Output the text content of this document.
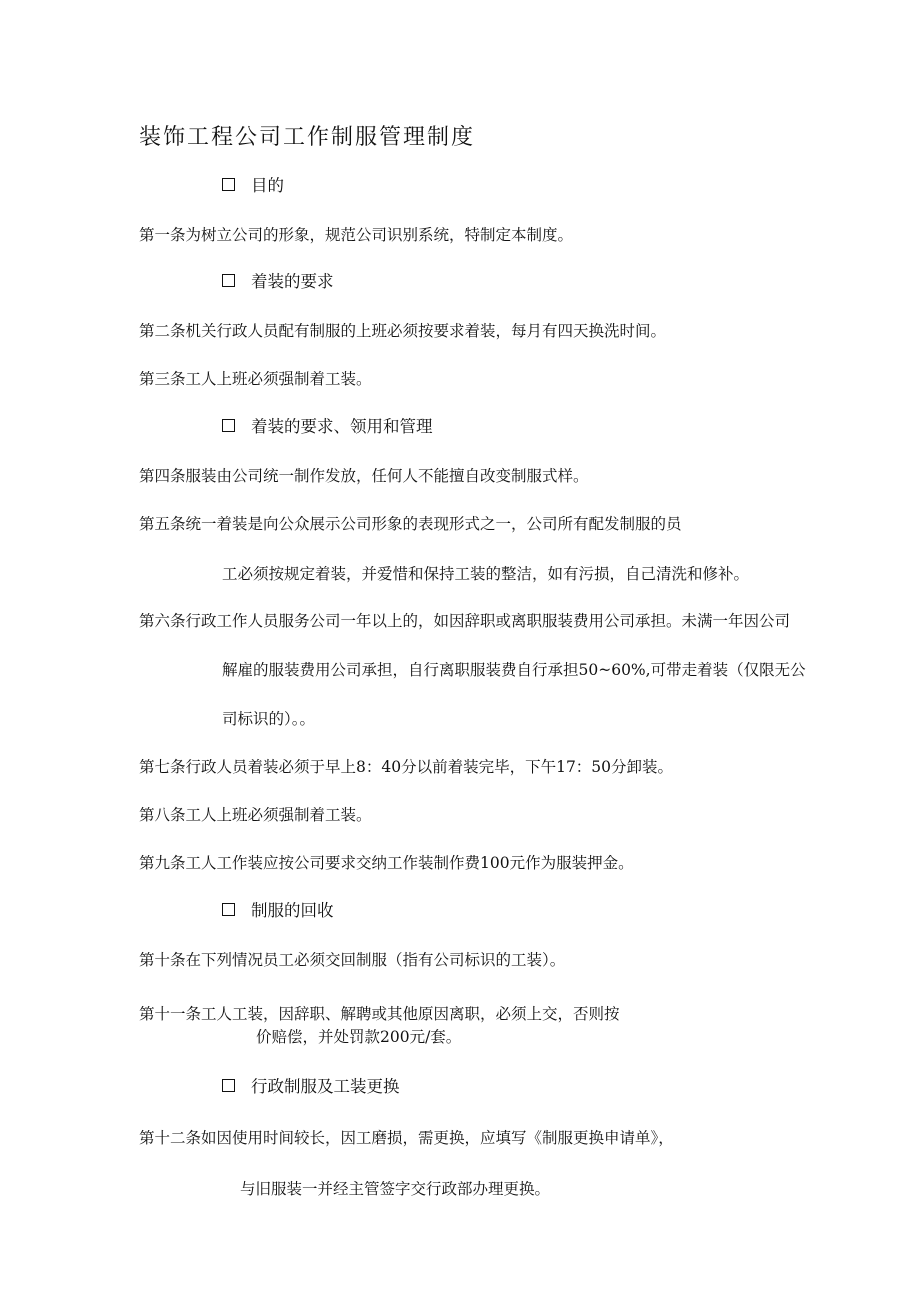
装饰工程公司工作制服管理制度
目的
第一条为树立公司的形象，规范公司识别系统，特制定本制度。
着装的要求
第二条机关行政人员配有制服的上班必须按要求着装，每月有四天换洗时间。
第三条工人上班必须强制着工装。
着装的要求、领用和管理
第四条服装由公司统一制作发放，任何人不能擅自改变制服式样。
第五条统一着装是向公众展示公司形象的表现形式之一，公司所有配发制服的员
工必须按规定着装，并爱惜和保持工装的整洁，如有污损，自己清洗和修补。
第六条行政工作人员服务公司一年以上的，如因辞职或离职服装费用公司承担。未满一年因公司
解雇的服装费用公司承担，自行离职服装费自行承担50~60%,可带走着装（仅限无公
司标识的）。。
第七条行政人员着装必须于早上8：40分以前着装完毕，下午17：50分卸装。
第八条工人上班必须强制着工装。
第九条工人工作装应按公司要求交纳工作装制作费100元作为服装押金。
制服的回收
第十条在下列情况员工必须交回制服（指有公司标识的工装）。
第十一条工人工装，因辞职、解聘或其他原因离职，必须上交，否则按
价赔偿，并处罚款200元/套。
行政制服及工装更换
第十二条如因使用时间较长，因工磨损，需更换，应填写《制服更换申请单》，
与旧服装一并经主管签字交行政部办理更换。
